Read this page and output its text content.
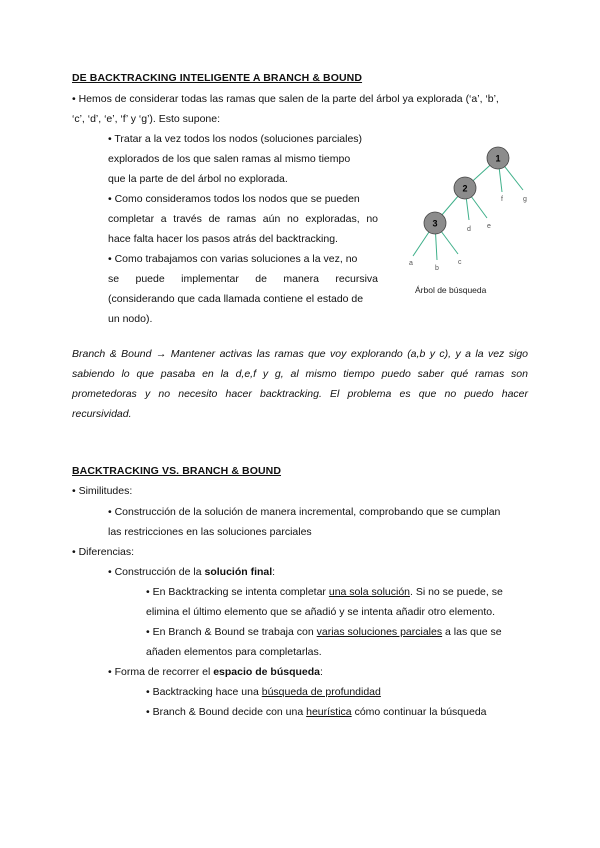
DE BACKTRACKING INTELIGENTE A BRANCH & BOUND
• Hemos de considerar todas las ramas que salen de la parte del árbol ya explorada (‘a’, ‘b’,
‘c’, ‘d’, ‘e’, ‘f’ y ‘g’). Esto supone:
• Tratar a la vez todos los nodos (soluciones parciales)
explorados de los que salen ramas al mismo tiempo
que la parte de del árbol no explorada.
• Como consideramos todos los nodos que se pueden
completar a través de ramas aún no exploradas, no
hace falta hacer los pasos atrás del backtracking.
• Como trabajamos con varias soluciones a la vez, no
se puede implementar de manera recursiva
(considerando que cada llamada contiene el estado de
un nodo).
1
2
3
a
b
c
d e
f	g
Árbol de búsqueda
Branch & Bound → Mantener activas las ramas que voy explorando (a,b y c), y a la vez sigo
sabiendo lo que pasaba en la d,e,f y g, al mismo tiempo puedo saber qué ramas son
prometedoras y no necesito hacer backtracking. El problema es que no puedo hacer
recursividad.
BACKTRACKING VS. BRANCH & BOUND
• Similitudes:
• Construcción de la solución de manera incremental, comprobando que se cumplan
las restricciones en las soluciones parciales
• Diferencias:
• Construcción de la solución final:
• En Backtracking se intenta completar una sola solución. Si no se puede, se
elimina el último elemento que se añadió y se intenta añadir otro elemento.
• En Branch & Bound se trabaja con varias soluciones parciales a las que se
añaden elementos para completarlas.
• Forma de recorrer el espacio de búsqueda:
• Backtracking hace una búsqueda de profundidad
• Branch & Bound decide con una heurística cómo continuar la búsqueda
